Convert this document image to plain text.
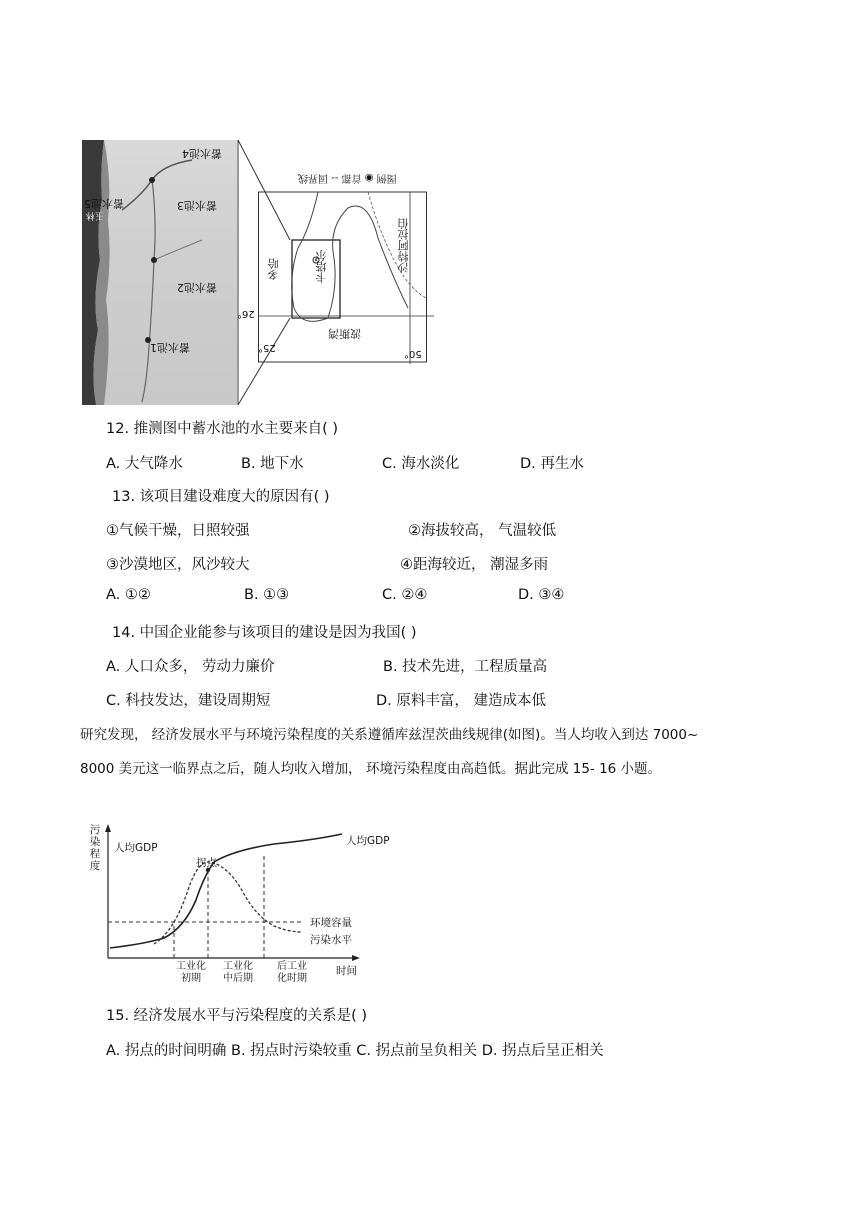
蓄水池4
蓄水池5	蓄水池3
蓄水池2
蓄水池1
玉林
26°
25°
图例 ◉ 首都 -- 国界线
卡塔尔
多哈
波斯湾
沙特阿拉伯
50°
12. 推测图中蓄水池的水主要来自( )
A. 大气降水	B. 地下水	C. 海水淡化	D. 再生水
13. 该项目建设难度大的原因有( )
①气候干燥，日照较强	②海拔较高， 气温较低
③沙漠地区，风沙较大	④距海较近， 潮湿多雨
A. ①②	B. ①③	C. ②④	D. ③④
14. 中国企业能参与该项目的建设是因为我国( )
A. 人口众多， 劳动力廉价	B. 技术先进，工程质量高
C. 科技发达，建设周期短	D. 原料丰富， 建造成本低
研究发现， 经济发展水平与环境污染程度的关系遵循库兹涅茨曲线规律(如图)。当人均收入到达 7000~
8000 美元这一临界点之后，随人均收入增加， 环境污染程度由高趋低。据此完成 15- 16 小题。
污 染 程 度
人均GDP
人均GDP
拐点
环境容量
污染水平
工业化
初期
工业化
中后期
后工业
化时期
时间
15. 经济发展水平与污染程度的关系是( )
A. 拐点的时间明确 B. 拐点时污染较重 C. 拐点前呈负相关 D. 拐点后呈正相关
